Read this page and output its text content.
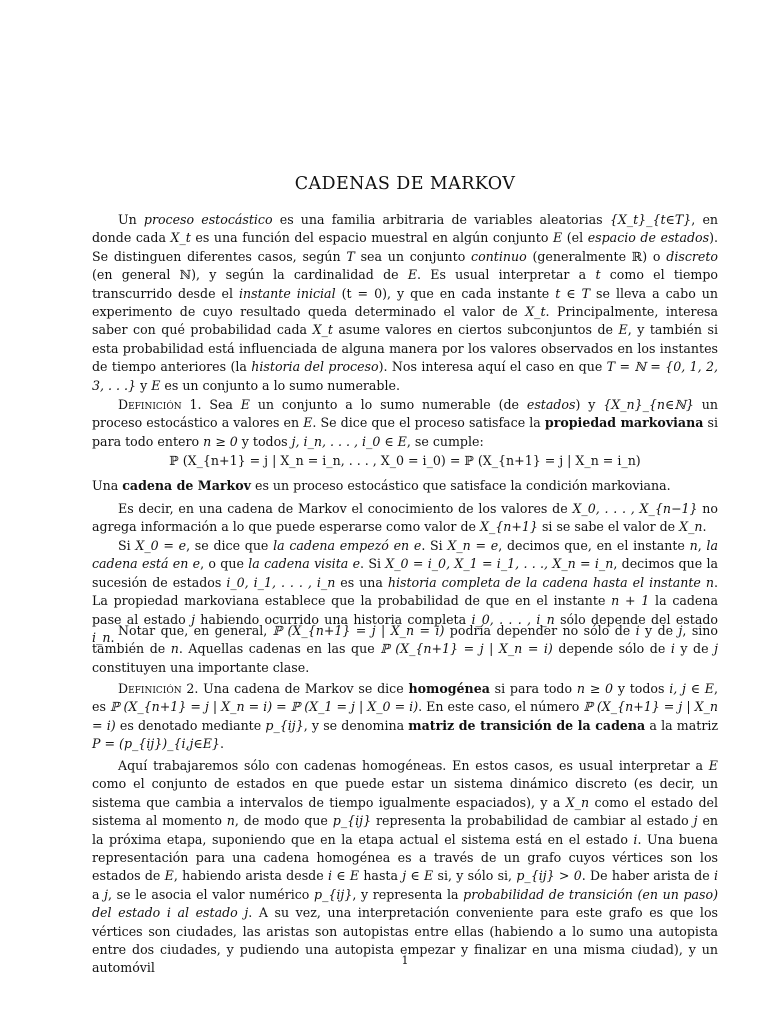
CADENAS DE MARKOV

Un proceso estocástico es una familia arbitraria de variables aleatorias {X_t}_{t∈T}, en donde cada X_t es una función del espacio muestral en algún conjunto E (el espacio de estados). Se distinguen diferentes casos, según T sea un conjunto continuo (generalmente ℝ) o discreto (en general ℕ), y según la cardinalidad de E. Es usual interpretar a t como el tiempo transcurrido desde el instante inicial (t = 0), y que en cada instante t ∈ T se lleva a cabo un experimento de cuyo resultado queda determinado el valor de X_t. Principalmente, interesa saber con qué probabilidad cada X_t asume valores en ciertos subconjuntos de E, y también si esta probabilidad está influenciada de alguna manera por los valores observados en los instantes de tiempo anteriores (la historia del proceso). Nos interesa aquí el caso en que T = ℕ = {0, 1, 2, 3, . . .} y E es un conjunto a lo sumo numerable.

Definición 1. Sea E un conjunto a lo sumo numerable (de estados) y {X_n}_{n∈ℕ} un proceso estocástico a valores en E. Se dice que el proceso satisface la propiedad markoviana si para todo entero n ≥ 0 y todos j, i_n, . . . , i_0 ∈ E, se cumple:

ℙ (X_{n+1} = j | X_n = i_n, . . . , X_0 = i_0) = ℙ (X_{n+1} = j | X_n = i_n)

Una cadena de Markov es un proceso estocástico que satisface la condición markoviana.

Es decir, en una cadena de Markov el conocimiento de los valores de X_0, . . . , X_{n−1} no agrega información a lo que puede esperarse como valor de X_{n+1} si se sabe el valor de X_n.

Si X_0 = e, se dice que la cadena empezó en e. Si X_n = e, decimos que, en el instante n, la cadena está en e, o que la cadena visita e. Si X_0 = i_0, X_1 = i_1, . . ., X_n = i_n, decimos que la sucesión de estados i_0, i_1, . . . , i_n es una historia completa de la cadena hasta el instante n. La propiedad markoviana establece que la probabilidad de que en el instante n + 1 la cadena pase al estado j habiendo ocurrido una historia completa i_0, . . . , i_n sólo depende del estado i_n. Notar que, en general, ℙ (X_{n+1} = j | X_n = i) podría depender no sólo de i y de j, sino también de n. Aquellas cadenas en las que ℙ (X_{n+1} = j | X_n = i) depende sólo de i y de j constituyen una importante clase.

Definición 2. Una cadena de Markov se dice homogénea si para todo n ≥ 0 y todos i, j ∈ E, es ℙ (X_{n+1} = j | X_n = i) = ℙ (X_1 = j | X_0 = i). En este caso, el número ℙ (X_{n+1} = j | X_n = i) es denotado mediante p_{ij}, y se denomina matriz de transición de la cadena a la matriz P = (p_{ij})_{i,j∈E}.

Aquí trabajaremos sólo con cadenas homogéneas. En estos casos, es usual interpretar a E como el conjunto de estados en que puede estar un sistema dinámico discreto (es decir, un sistema que cambia a intervalos de tiempo igualmente espaciados), y a X_n como el estado del sistema al momento n, de modo que p_{ij} representa la probabilidad de cambiar al estado j en la próxima etapa, suponiendo que en la etapa actual el sistema está en el estado i. Una buena representación para una cadena homogénea es a través de un grafo cuyos vértices son los estados de E, habiendo arista desde i ∈ E hasta j ∈ E si, y sólo si, p_{ij} > 0. De haber arista de i a j, se le asocia el valor numérico p_{ij}, y representa la probabilidad de transición (en un paso) del estado i al estado j. A su vez, una interpretación conveniente para este grafo es que los vértices son ciudades, las aristas son autopistas entre ellas (habiendo a lo sumo una autopista entre dos ciudades, y pudiendo una autopista empezar y finalizar en una misma ciudad), y un automóvil	1
